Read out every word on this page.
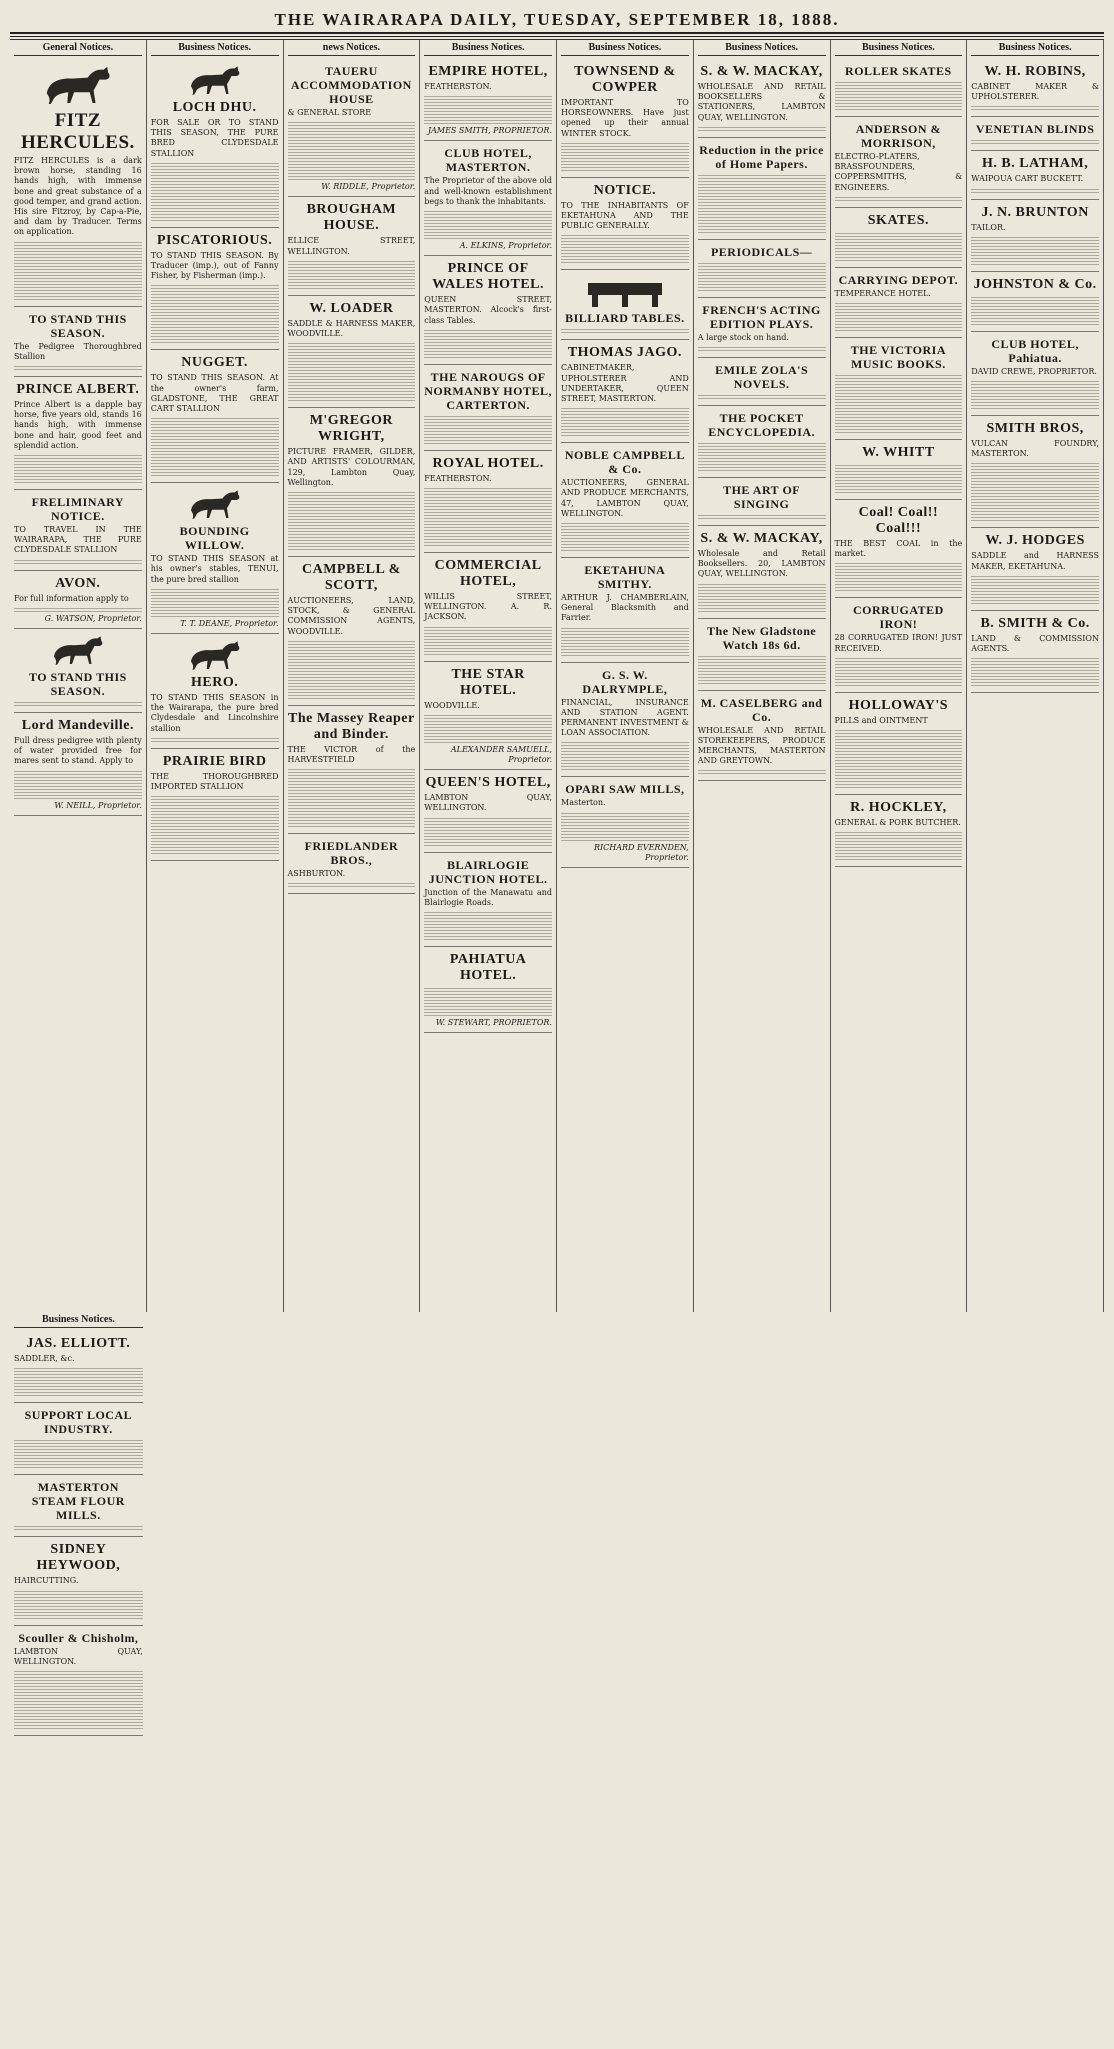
THE WAIRARAPA DAILY, TUESDAY, SEPTEMBER 18, 1888.
General Notices.
FITZ HERCULES.

FITZ HERCULES is a dark brown horse, standing 16 hands high, with immense bone and great substance of a good temper, and grand action. His sire Fitzroy, by Cap-a-Pie, and dam by Traducer. Terms on application.

TO STAND THIS SEASON.

The Pedigree Thoroughbred Stallion

PRINCE ALBERT.

Prince Albert is a dapple bay horse, five years old, stands 16 hands high, with immense bone and hair, good feet and splendid action.

FRELIMINARY NOTICE.

TO TRAVEL IN THE WAIRARAPA, THE PURE CLYDESDALE STALLION

AVON.

For full information apply to

G. WATSON, Proprietor.
TO STAND THIS SEASON.
Lord Mandeville.

Full dress pedigree with plenty of water provided free for mares sent to stand. Apply to

W. NEILL, Proprietor.
Business Notices.
LOCH DHU.

FOR SALE OR TO STAND THIS SEASON, THE PURE BRED CLYDESDALE STALLION

PISCATORIOUS.

TO STAND THIS SEASON. By Traducer (imp.), out of Fanny Fisher, by Fisherman (imp.).

NUGGET.

TO STAND THIS SEASON. At the owner's farm, GLADSTONE, THE GREAT CART STALLION

BOUNDING WILLOW.

TO STAND THIS SEASON at his owner's stables, TENUI, the pure bred stallion

T. T. DEANE, Proprietor.
HERO.

TO STAND THIS SEASON in the Wairarapa, the pure bred Clydesdale and Lincolnshire stallion

PRAIRIE BIRD

THE THOROUGHBRED IMPORTED STALLION

news Notices.
TAUERU ACCOMMODATION HOUSE

& GENERAL STORE

W. RIDDLE, Proprietor.
BROUGHAM HOUSE.

ELLICE STREET, WELLINGTON.

W. LOADER

SADDLE & HARNESS MAKER, WOODVILLE.

M'GREGOR WRIGHT,

PICTURE FRAMER, GILDER, AND ARTISTS' COLOURMAN, 129, Lambton Quay, Wellington.

CAMPBELL & SCOTT,

AUCTIONEERS, LAND, STOCK, & GENERAL COMMISSION AGENTS, WOODVILLE.

The Massey Reaper and Binder.

THE VICTOR of the HARVESTFIELD

FRIEDLANDER BROS.,

ASHBURTON.

Business Notices.
EMPIRE HOTEL,

FEATHERSTON.

JAMES SMITH, PROPRIETOR.
CLUB HOTEL, MASTERTON.

The Proprietor of the above old and well-known establishment begs to thank the inhabitants.

A. ELKINS, Proprietor.
PRINCE OF WALES HOTEL.

QUEEN STREET, MASTERTON. Alcock's first-class Tables.

THE NAROUGS OF NORMANBY HOTEL, CARTERTON.
ROYAL HOTEL.

FEATHERSTON.

COMMERCIAL HOTEL,

WILLIS STREET, WELLINGTON. A. R. JACKSON.

THE STAR HOTEL.

WOODVILLE.

ALEXANDER SAMUELL, Proprietor.
QUEEN'S HOTEL,

LAMBTON QUAY, WELLINGTON.

BLAIRLOGIE JUNCTION HOTEL.

Junction of the Manawatu and Blairlogie Roads.

PAHIATUA HOTEL.
W. STEWART, PROPRIETOR.
Business Notices.
TOWNSEND & COWPER

IMPORTANT TO HORSEOWNERS. Have just opened up their annual WINTER STOCK.

NOTICE.

TO THE INHABITANTS OF EKETAHUNA AND THE PUBLIC GENERALLY.

BILLIARD TABLES.
THOMAS JAGO.

CABINETMAKER, UPHOLSTERER AND UNDERTAKER, QUEEN STREET, MASTERTON.

NOBLE CAMPBELL & Co.

AUCTIONEERS, GENERAL AND PRODUCE MERCHANTS, 47, LAMBTON QUAY, WELLINGTON.

EKETAHUNA SMITHY.

ARTHUR J. CHAMBERLAIN, General Blacksmith and Farrier.

G. S. W. DALRYMPLE,

FINANCIAL, INSURANCE AND STATION AGENT. PERMANENT INVESTMENT & LOAN ASSOCIATION.

OPARI SAW MILLS,

Masterton.

RICHARD EVERNDEN, Proprietor.
Business Notices.
S. & W. MACKAY,

WHOLESALE AND RETAIL BOOKSELLERS & STATIONERS, LAMBTON QUAY, WELLINGTON.

Reduction in the price of Home Papers.
PERIODICALS—
FRENCH'S ACTING EDITION PLAYS.

A large stock on hand.

EMILE ZOLA'S NOVELS.
THE POCKET ENCYCLOPEDIA.
THE ART OF SINGING
S. & W. MACKAY,

Wholesale and Retail Booksellers. 20, LAMBTON QUAY, WELLINGTON.

The New Gladstone Watch 18s 6d.
M. CASELBERG and Co.

WHOLESALE AND RETAIL STOREKEEPERS, PRODUCE MERCHANTS, MASTERTON AND GREYTOWN.

Business Notices.
ROLLER SKATES
ANDERSON & MORRISON,

ELECTRO-PLATERS, BRASSFOUNDERS, COPPERSMITHS, & ENGINEERS.

SKATES.
CARRYING DEPOT.

TEMPERANCE HOTEL.

THE VICTORIA MUSIC BOOKS.
W. WHITT
Coal! Coal!! Coal!!!

THE BEST COAL in the market.

CORRUGATED IRON!

28 CORRUGATED IRON! JUST RECEIVED.

HOLLOWAY'S

PILLS and OINTMENT

R. HOCKLEY,

GENERAL & PORK BUTCHER.

Business Notices.
W. H. ROBINS,

CABINET MAKER & UPHOLSTERER.

VENETIAN BLINDS
H. B. LATHAM,

WAIPOUA CART BUCKETT.

J. N. BRUNTON

TAILOR.

JOHNSTON & Co.
CLUB HOTEL, Pahiatua.

DAVID CREWE, PROPRIETOR.

SMITH BROS,

VULCAN FOUNDRY, MASTERTON.

W. J. HODGES

SADDLE and HARNESS MAKER, EKETAHUNA.

B. SMITH & Co.

LAND & COMMISSION AGENTS.

Business Notices.
JAS. ELLIOTT.

SADDLER, &c.

SUPPORT LOCAL INDUSTRY.
MASTERTON STEAM FLOUR MILLS.
SIDNEY HEYWOOD,

HAIRCUTTING.

Scouller & Chisholm,

LAMBTON QUAY, WELLINGTON.
